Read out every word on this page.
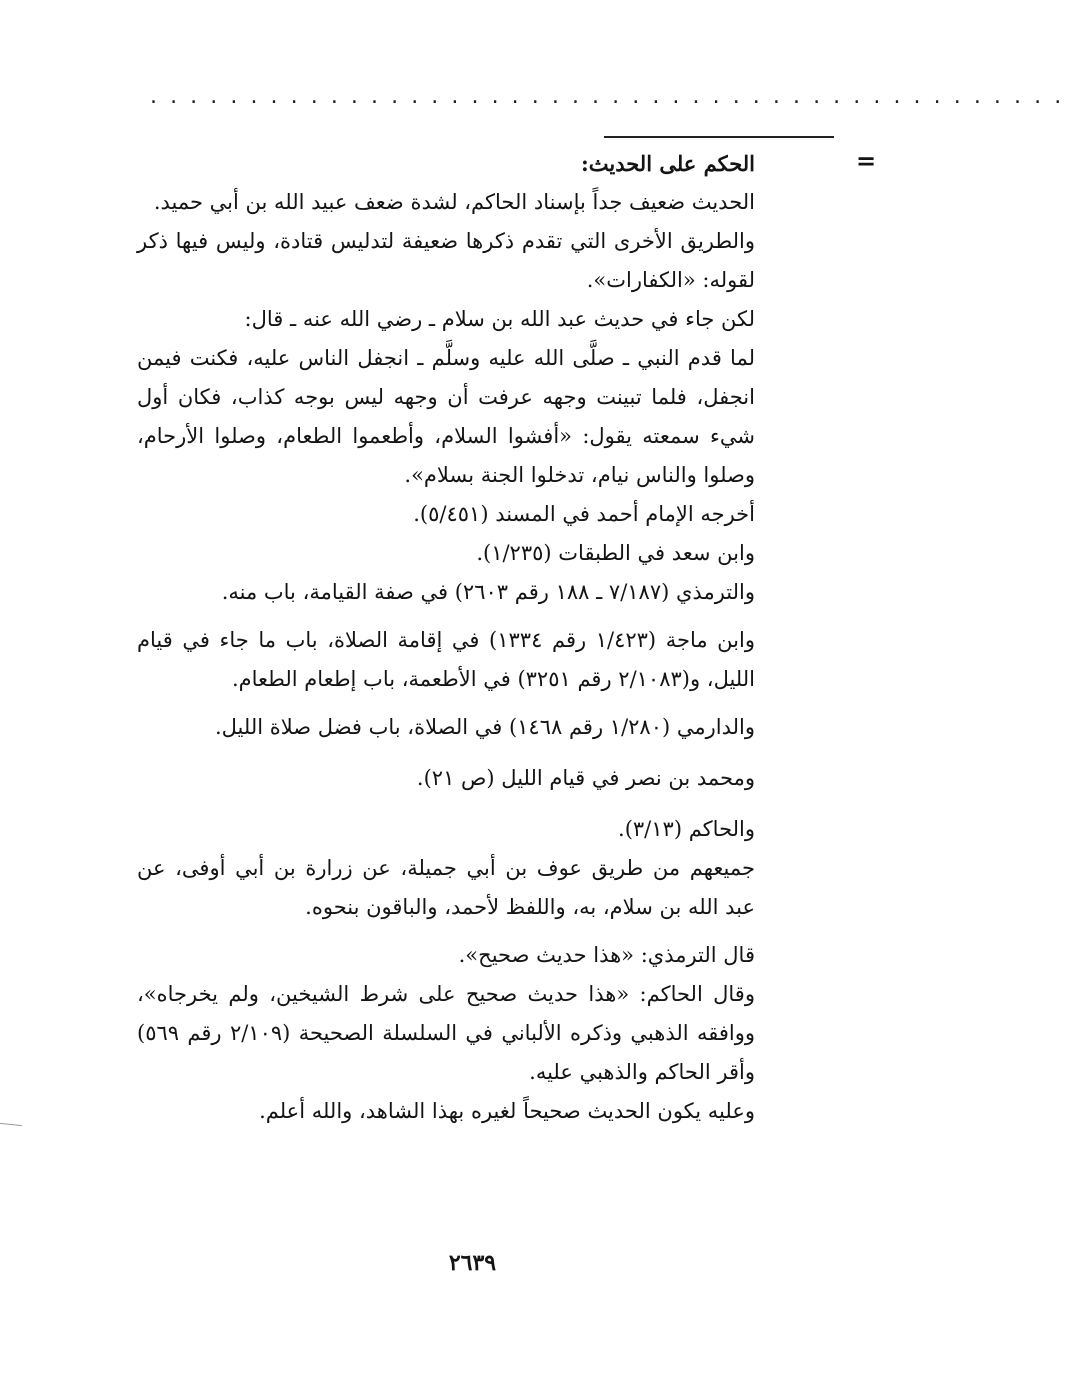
..............................................
=

الحكم على الحديث:

الحديث ضعيف جداً بإسناد الحاكم، لشدة ضعف عبيد الله بن أبي حميد.

والطريق الأخرى التي تقدم ذكرها ضعيفة لتدليس قتادة، وليس فيها ذكر لقوله: «الكفارات».

لكن جاء في حديث عبد الله بن سلام ـ رضي الله عنه ـ قال:

لما قدم النبي ـ صلَّى الله عليه وسلَّم ـ انجفل الناس عليه، فكنت فيمن انجفل، فلما تبينت وجهه عرفت أن وجهه ليس بوجه كذاب، فكان أول شيء سمعته يقول: «أفشوا السلام، وأطعموا الطعام، وصلوا الأرحام، وصلوا والناس نيام، تدخلوا الجنة بسلام».

أخرجه الإمام أحمد في المسند (٥/٤٥١).

وابن سعد في الطبقات (١/٢٣٥).

والترمذي (٧/١٨٧ ـ ١٨٨ رقم ٢٦٠٣) في صفة القيامة، باب منه.

وابن ماجة (١/٤٢٣ رقم ١٣٣٤) في إقامة الصلاة، باب ما جاء في قيام الليل، و(٢/١٠٨٣ رقم ٣٢٥١) في الأطعمة، باب إطعام الطعام.

والدارمي (١/٢٨٠ رقم ١٤٦٨) في الصلاة، باب فضل صلاة الليل.

ومحمد بن نصر في قيام الليل (ص ٢١).

والحاكم (٣/١٣).

جميعهم من طريق عوف بن أبي جميلة، عن زرارة بن أبي أوفى، عن عبد الله بن سلام، به، واللفظ لأحمد، والباقون بنحوه.

قال الترمذي: «هذا حديث صحيح».

وقال الحاكم: «هذا حديث صحيح على شرط الشيخين، ولم يخرجاه»، ووافقه الذهبي وذكره الألباني في السلسلة الصحيحة (٢/١٠٩ رقم ٥٦٩) وأقر الحاكم والذهبي عليه.

وعليه يكون الحديث صحيحاً لغيره بهذا الشاهد، والله أعلم.

٢٦٣٩
